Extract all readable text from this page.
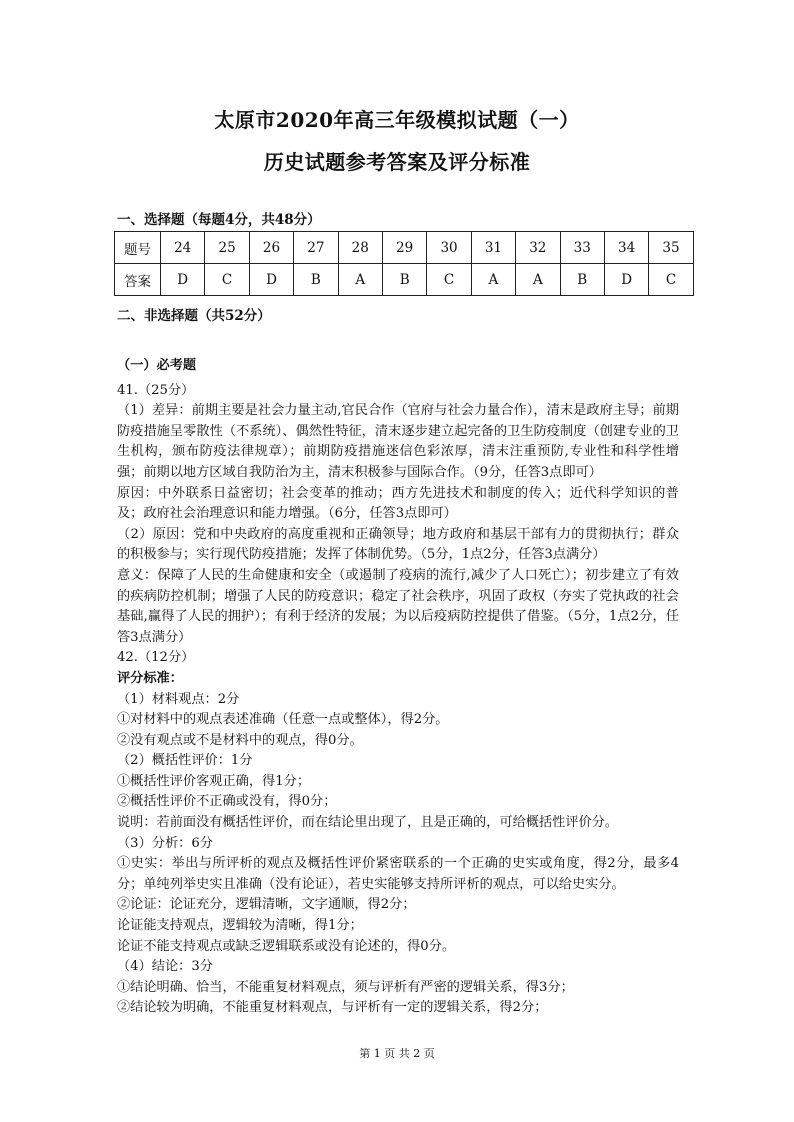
太原市2020年高三年级模拟试题（一）
历史试题参考答案及评分标准

一、选择题（每题4分，共48分）

题号	24	25	26	27	28	29	30	31	32	33	34	35
答案	D	C	D	B	A	B	C	A	A	B	D	C

二、非选择题（共52分）

（一）必考题

41.（25分）

（1）差异：前期主要是社会力量主动,官民合作（官府与社会力量合作），清末是政府主导；前期防疫措施呈零散性（不系统）、偶然性特征，清末逐步建立起完备的卫生防疫制度（创建专业的卫生机构，颁布防疫法律规章）；前期防疫措施迷信色彩浓厚，清末注重预防,专业性和科学性增强；前期以地方区域自我防治为主，清末积极参与国际合作。（9分，任答3点即可）

原因：中外联系日益密切；社会变革的推动；西方先进技术和制度的传入；近代科学知识的普及；政府社会治理意识和能力增强。（6分，任答3点即可）

（2）原因：党和中央政府的高度重视和正确领导；地方政府和基层干部有力的贯彻执行；群众的积极参与；实行现代防疫措施；发挥了体制优势。（5分，1点2分，任答3点满分）

意义：保障了人民的生命健康和安全（或遏制了疫病的流行,减少了人口死亡）；初步建立了有效的疾病防控机制；增强了人民的防疫意识；稳定了社会秩序，巩固了政权（夯实了党执政的社会基础,赢得了人民的拥护）；有利于经济的发展；为以后疫病防控提供了借鉴。（5分，1点2分，任答3点满分）

42.（12分）

评分标准：

（1）材料观点：2分

①对材料中的观点表述准确（任意一点或整体），得2分。

②没有观点或不是材料中的观点，得0分。

（2）概括性评价：1分

①概括性评价客观正确，得1分；

②概括性评价不正确或没有，得0分；

说明：若前面没有概括性评价，而在结论里出现了，且是正确的，可给概括性评价分。

（3）分析：6分

①史实：举出与所评析的观点及概括性评价紧密联系的一个正确的史实或角度，得2分，最多4分；单纯列举史实且准确（没有论证），若史实能够支持所评析的观点，可以给史实分。

②论证：论证充分，逻辑清晰，文字通顺，得2分；

论证能支持观点，逻辑较为清晰，得1分；

论证不能支持观点或缺乏逻辑联系或没有论述的，得0分。

（4）结论：3分

①结论明确、恰当，不能重复材料观点，须与评析有严密的逻辑关系，得3分；

②结论较为明确，不能重复材料观点，与评析有一定的逻辑关系，得2分；

第 1 页 共 2 页
